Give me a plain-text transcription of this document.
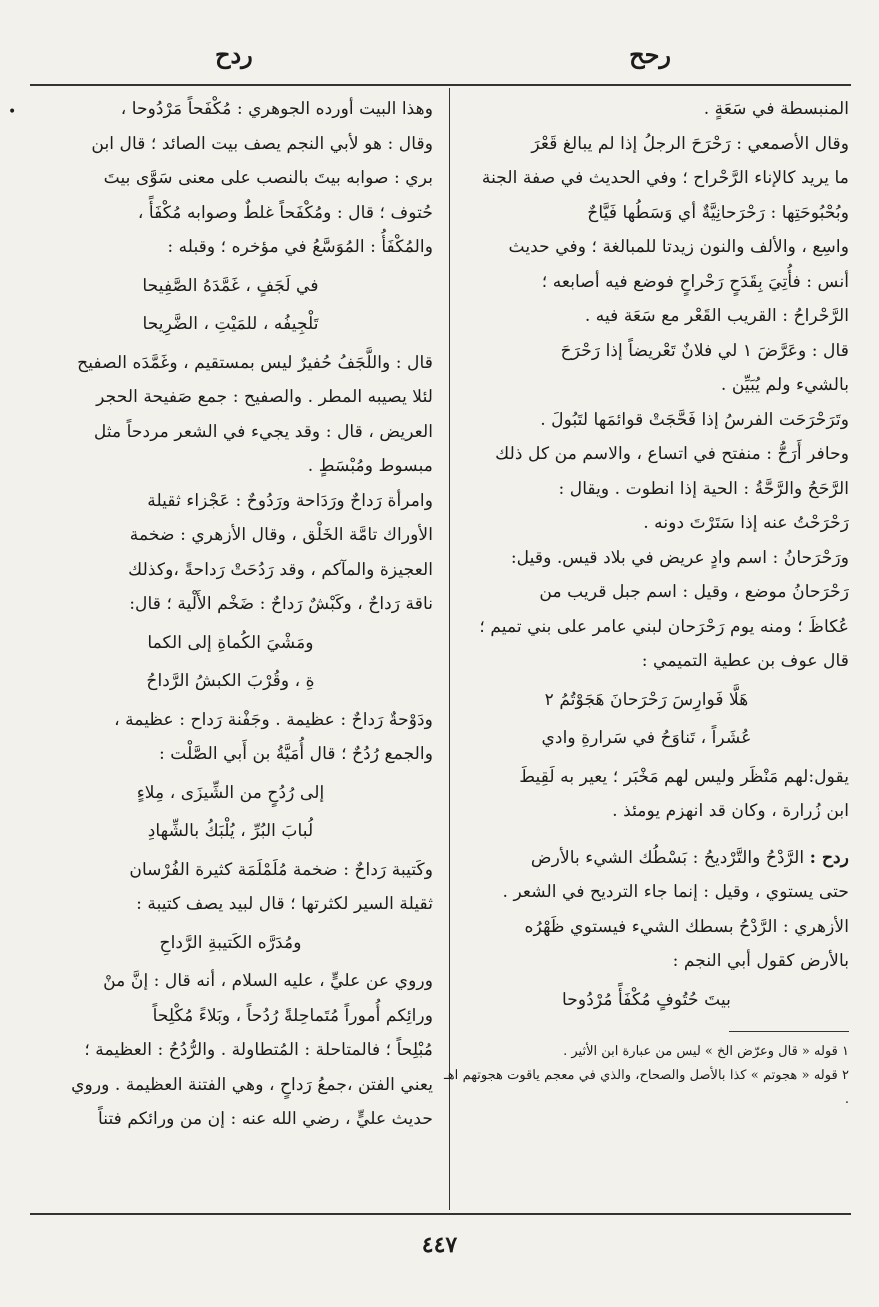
رحح
ردح
•	المنبسطة في سَعَةٍ .

وقال الأصمعي : رَحْرَحَ الرجلُ إذا لم يبالغ قَعْرَ

ما يريد كالإناء الرَّحْراح ؛ وفي الحديث في صفة الجنة

وبُحْبُوحَتِها : رَحْرَحانِيَّةٌ أي وَسَطُها فَيَّاحٌ

واسِع ، والألف والنون زيدتا للمبالغة ؛ وفي حديث

أنس : فأُتِيَ بِقَدَحٍ رَحْراحٍ فوضع فيه أصابعه ؛

الرَّحْراحُ : القريب القَعْر مع سَعَة فيه .

قال : وعَرَّضَ ١ لي فلانٌ تَعْريضاً إذا رَحْرَحَ

بالشيء ولم يُبَيِّن .

وتَرَحْرَحَت الفرسُ إذا فَحَّجَتْ قوائمَها لتَبُولَ .

وحافر أَرَحُّ : منفتح في اتساع ، والاسم من كل ذلك

الرَّحَحُ والرَّحَّةُ : الحية إذا انطوت . ويقال :

رَحْرَحْتُ عنه إذا سَتَرْتَ دونه .

ورَحْرَحانُ : اسم وادٍ عريض في بلاد قيس. وقيل:

رَحْرَحانُ موضع ، وقيل : اسم جبل قريب من

عُكاظَ ؛ ومنه يوم رَحْرَحان لبني عامر على بني تميم ؛

قال عوف بن عطية التميمي :

هَلَّا فَوارِسَ رَحْرَحانَ هَجَوْتُمُ ٢

عُشَراً ، تَناوَحُ في سَرارةِ وادي

يقول:لهم مَنْظَر وليس لهم مَخْبَر ؛ يعير به لَقِيطَ

ابن زُرارة ، وكان قد انهزم يومئذ .

ردح : الرَّدْحُ والتَّرْديحُ : بَسْطُك الشيء بالأرض

حتى يستوي ، وقيل : إنما جاء الترديح في الشعر .

الأزهري : الرَّدْحُ بسطك الشيء فيستوي ظَهْرُه

بالأرض كقول أبي النجم :

بيتَ حُتُوفٍ مُكْفَأً مُرْدُوحا

١ قوله « قال وعرّض الخ » ليس من عبارة ابن الأثير .

٢ قوله « هجوتم » كذا بالأصل والصحاح، والذي في معجم ياقوت هجوتهم اهـ .

وهذا البيت أورده الجوهري : مُكْفَحاً مَرْدُوحا ،

وقال : هو لأبي النجم يصف بيت الصائد ؛ قال ابن

بري : صوابه بيتَ بالنصب على معنى سَوَّى بيتَ

حُتوف ؛ قال : ومُكْفَحاً غلطٌ وصوابه مُكْفَأً ،

والمُكْفَأُ : المُوَسَّعُ في مؤخره ؛ وقبله :

في لَجَفٍ ، غَمَّدَهُ الصَّفِيحا

تَلْجِيفُه ، للمَيْتِ ، الضَّرِيحا

قال : واللَّجَفُ حُفيرٌ ليس بمستقيم ، وغَمَّدَه الصفيح

لئلا يصيبه المطر . والصفيح : جمع صَفيحة الحجر

العريض ، قال : وقد يجيء في الشعر مردحاً مثل

مبسوط ومُبْسَطٍ .

وامرأة رَداحٌ ورَدَاحة ورَدُوحٌ : عَجْزاء ثقيلة

الأوراك تامَّة الخَلْق ، وقال الأزهري : ضخمة

العجيزة والمآكم ، وقد رَدُحَتْ رَداحةً ،وكذلك

ناقة رَداحٌ ، وكَبْشٌ رَداحٌ : ضَخْم الأَلْية ؛ قال:

ومَشْيَ الكُماةِ إلى الكما

ةِ ، وقُرْبَ الكبشُ الرَّداحُ

ودَوْحةٌ رَداحٌ : عظيمة . وجَفْنة رَداح : عظيمة ،

والجمع رُدُحٌ ؛ قال أُمَيَّةُ بن أَبي الصَّلْت :

إلى رُدُحٍ من الشِّيزَى ، مِلاءٍ

لُبابَ البُرِّ ، يُلْبَكُ بالشِّهادِ

وكَتيبة رَداحٌ : ضخمة مُلَمْلَمَة كثيرة الفُرْسان

ثقيلة السير لكثرتها ؛ قال لبيد يصف كتيبة :

ومُدَرَّه الكَتيبةِ الرَّداحِ

وروي عن عليٍّ ، عليه السلام ، أنه قال : إنَّ منْ

ورائِكم أُموراً مُتَماحِلةً رُدُحاً ، وبَلاءً مُكْلِحاً

مُبْلِحاً ؛ فالمتاحلة : المُتطاولة . والرُّدُحُ : العظيمة ؛

يعني الفتن ،جمعُ رَداحٍ ، وهي الفتنة العظيمة . وروي

حديث عليٍّ ، رضي الله عنه : إن من ورائكم فتناً

٤٤٧
